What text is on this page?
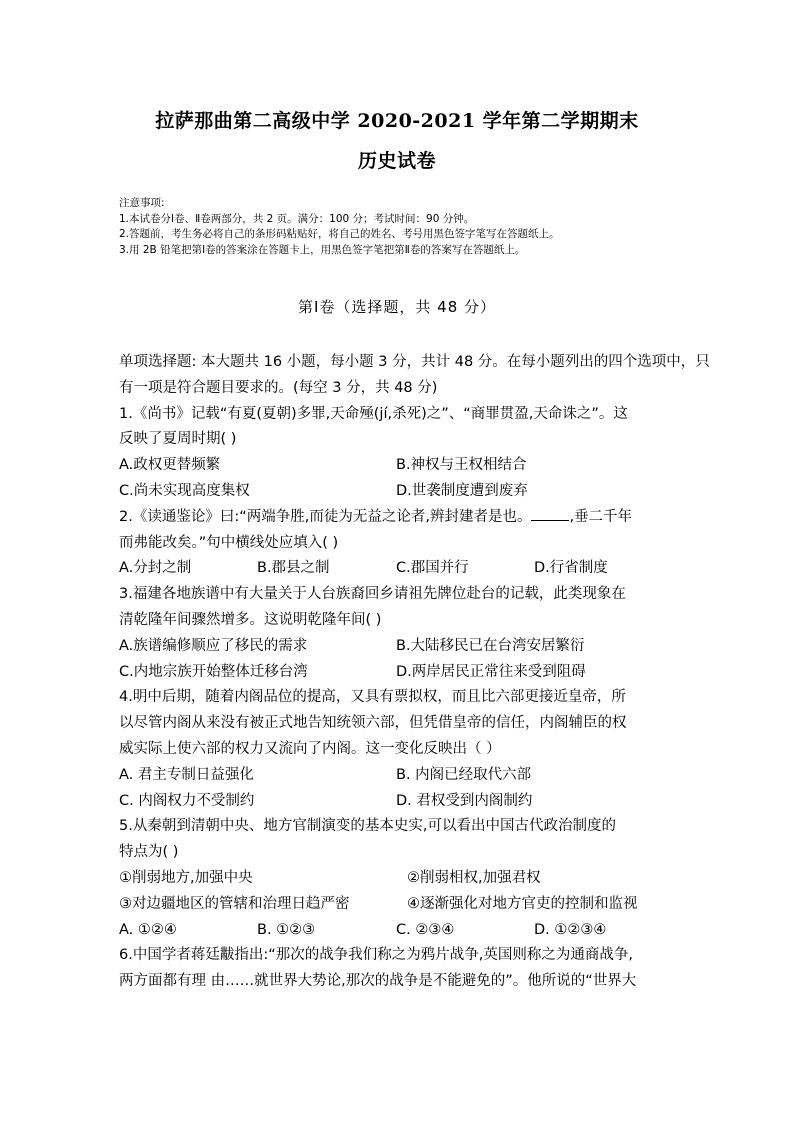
拉萨那曲第二高级中学 2020-2021 学年第二学期期末
历史试卷
注意事项:
1.本试卷分Ⅰ卷、Ⅱ卷两部分，共 2 页。满分：100 分；考试时间：90 分钟。
2.答题前，考生务必将自己的条形码粘贴好，将自己的姓名、考号用黑色签字笔写在答题纸上。
3.用 2B 铅笔把第Ⅰ卷的答案涂在答题卡上，用黑色签字笔把第Ⅱ卷的答案写在答题纸上。
第Ⅰ卷（选择题，共 48 分）
单项选择题: 本大题共 16 小题，每小题 3 分，共计 48 分。在每小题列出的四个选项中，只
有一项是符合题目要求的。(每空 3 分，共 48 分)
1.《尚书》记载“有夏(夏朝)多罪,天命殛(jí,杀死)之”、“商罪贯盈,天命诛之”。这
反映了夏周时期( )
A.政权更替频繁	B.神权与王权相结合
C.尚未实现高度集权	D.世袭制度遭到废弃
2.《读通鉴论》曰:“两端争胜,而徒为无益之论者,辨封建者是也。	,垂二千年
而弗能改矣。”句中横线处应填入( )
A.分封之制	B.郡县之制	C.郡国并行	D.行省制度
3.福建各地族谱中有大量关于人台族裔回乡请祖先牌位赴台的记载，此类现象在
清乾隆年间骤然增多。这说明乾隆年间( )
A.族谱编修顺应了移民的需求	B.大陆移民已在台湾安居繁衍
C.内地宗族开始整体迁移台湾	D.两岸居民正常往来受到阻碍
4.明中后期，随着内阁品位的提高，又具有票拟权，而且比六部更接近皇帝，所
以尽管内阁从来没有被正式地告知统领六部，但凭借皇帝的信任，内阁辅臣的权
威实际上使六部的权力又流向了内阁。这一变化反映出（ ）
A. 君主专制日益强化	B. 内阁已经取代六部
C. 内阁权力不受制约	D. 君权受到内阁制约
5.从秦朝到清朝中央、地方官制演变的基本史实,可以看出中国古代政治制度的
特点为( )
①削弱地方,加强中央	②削弱相权,加强君权
③对边疆地区的管辖和治理日趋严密	④逐渐强化对地方官吏的控制和监视
A. ①②④	B. ①②③	C. ②③④	D. ①②③④
6.中国学者蒋廷黻指出:“那次的战争我们称之为鸦片战争,英国则称之为通商战争,
两方面都有理 由……就世界大势论,那次的战争是不能避免的”。他所说的“世界大
